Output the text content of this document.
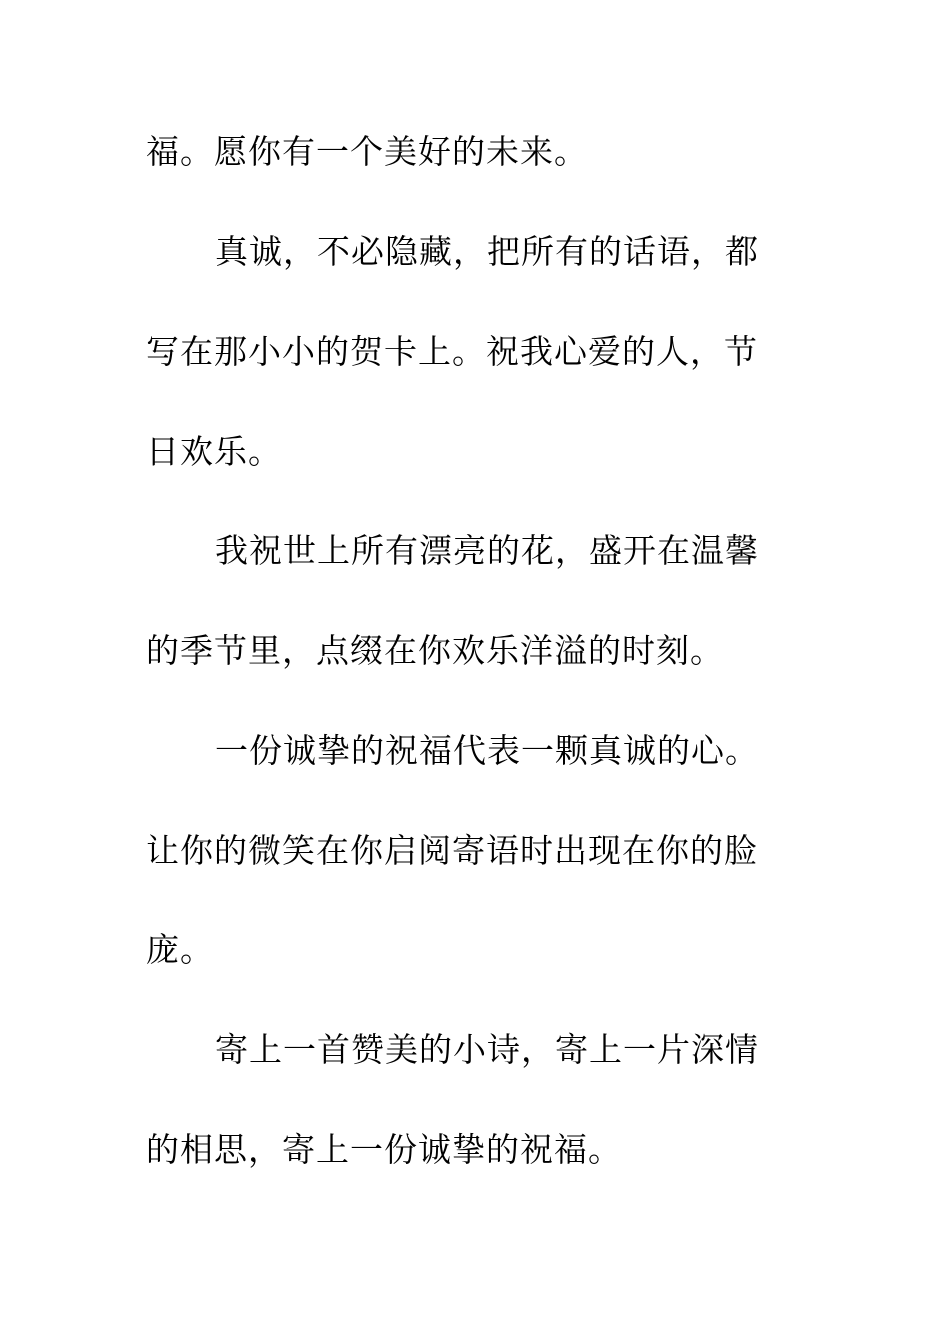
福。愿你有一个美好的未来。
真诚，不必隐藏，把所有的话语，都
写在那小小的贺卡上。祝我心爱的人，节
日欢乐。
我祝世上所有漂亮的花，盛开在温馨
的季节里，点缀在你欢乐洋溢的时刻。
一份诚挚的祝福代表一颗真诚的心。
让你的微笑在你启阅寄语时出现在你的脸
庞。
寄上一首赞美的小诗，寄上一片深情
的相思，寄上一份诚挚的祝福。
